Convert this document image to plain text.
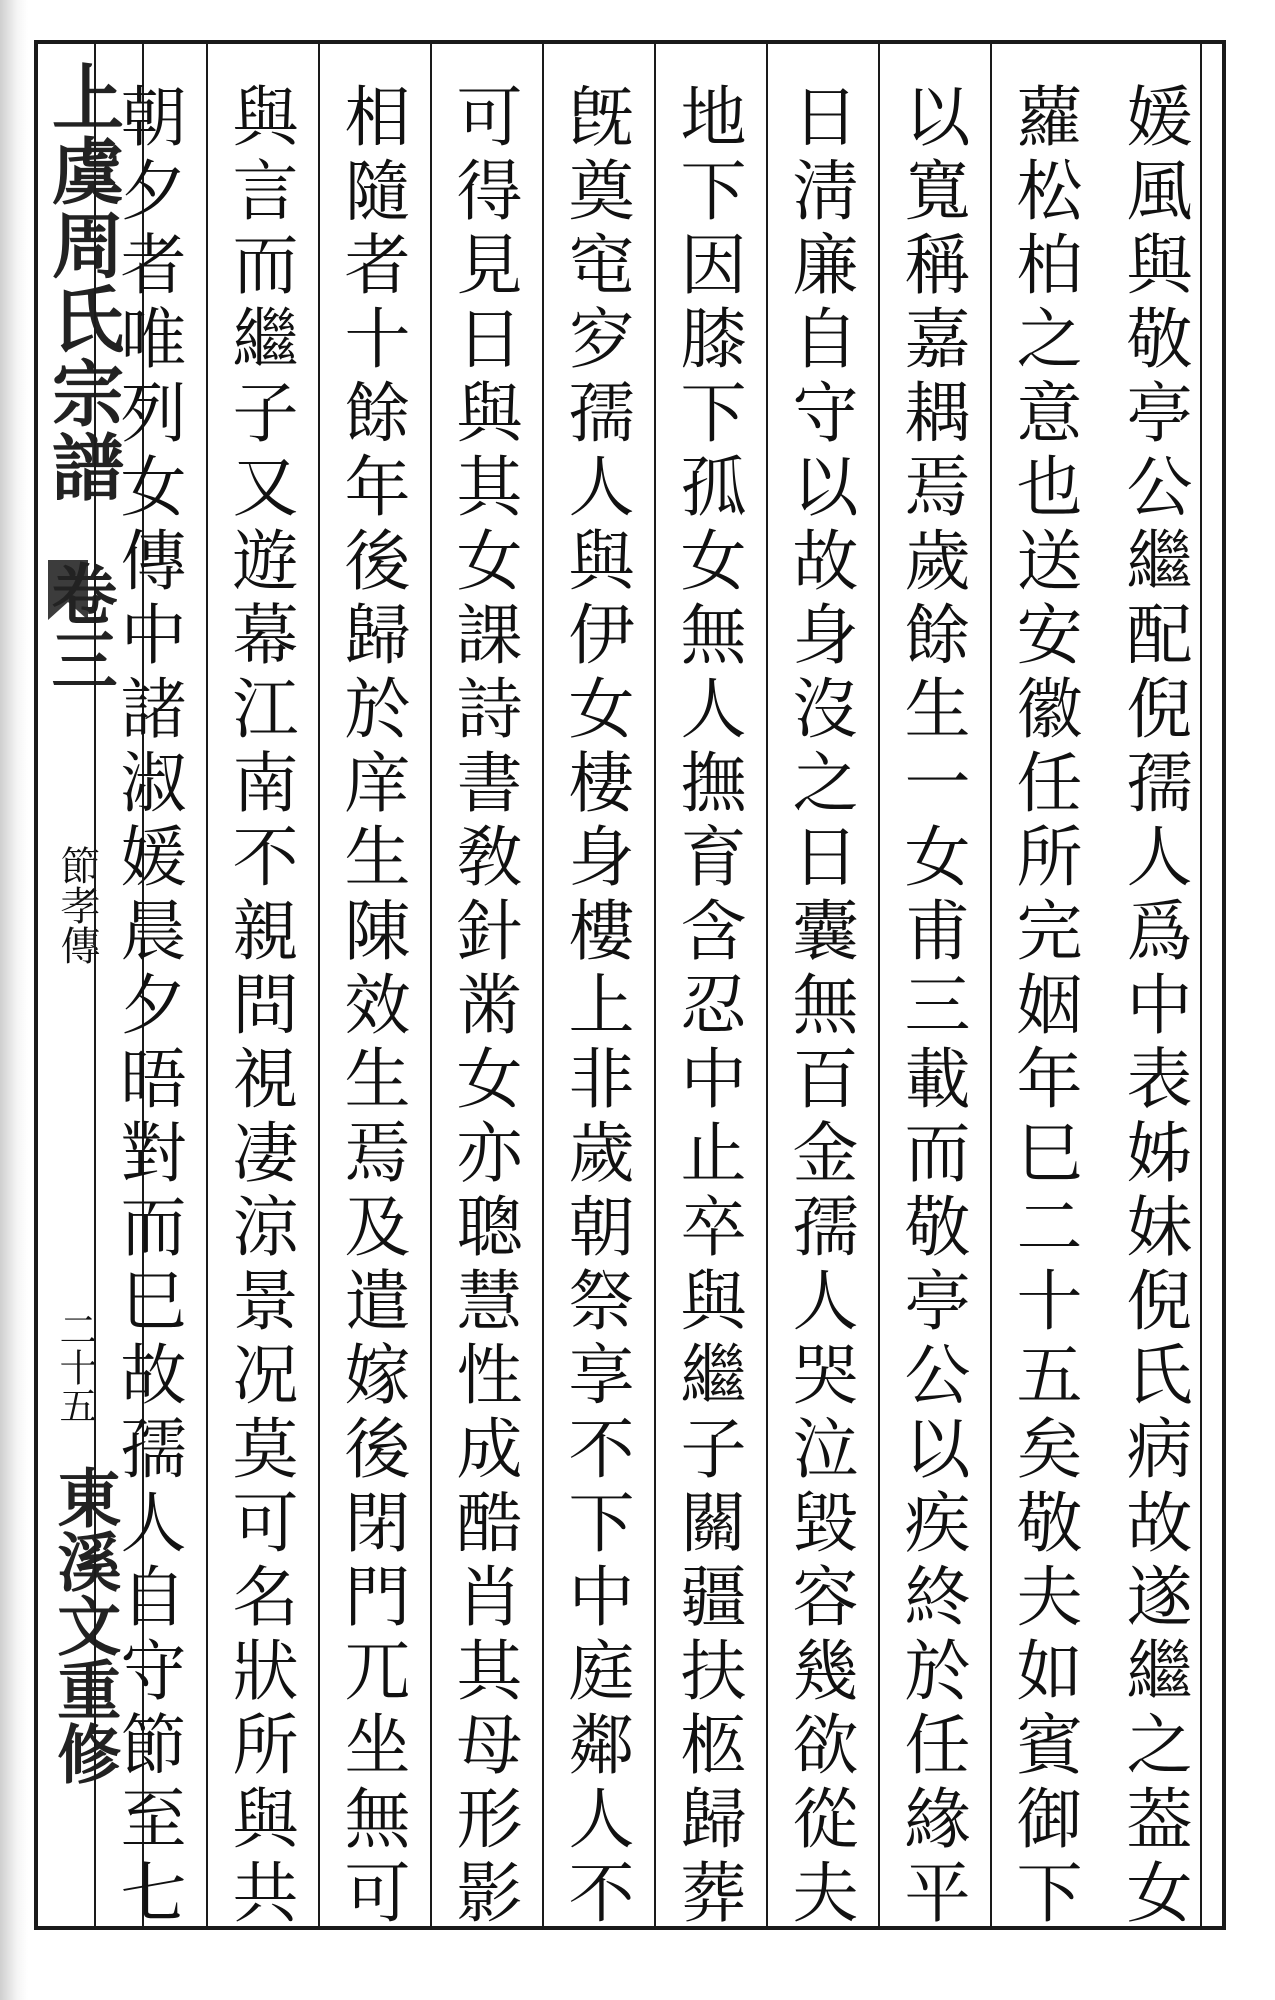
上虞周氏宗譜
卷三
節孝傳
二十五
東溪文重修	媛風與敬亭公繼配倪孺人爲中表姊妹倪氏病故遂繼之葢女
蘿松柏之意也送安徽任所完姻年巳二十五矣敬夫如賓御下
以寬稱嘉耦焉歲餘生一女甫三載而敬亭公以疾終於任緣平
日淸廉自守以故身沒之日囊無百金孺人哭泣毀容幾欲從夫
地下因膝下孤女無人撫育含忍中止卒與繼子關疆扶柩歸葬
旣奠窀穸孺人與伊女棲身樓上非歲朝祭享不下中庭鄰人不
可得見日與其女課詩書敎針黹女亦聰慧性成酷肖其母形影
相隨者十餘年後歸於庠生陳效生焉及遣嫁後閉門兀坐無可
與言而繼子又遊幕江南不親問視凄涼景况莫可名狀所與共
朝夕者唯列女傳中諸淑媛晨夕晤對而巳故孺人自守節至七
